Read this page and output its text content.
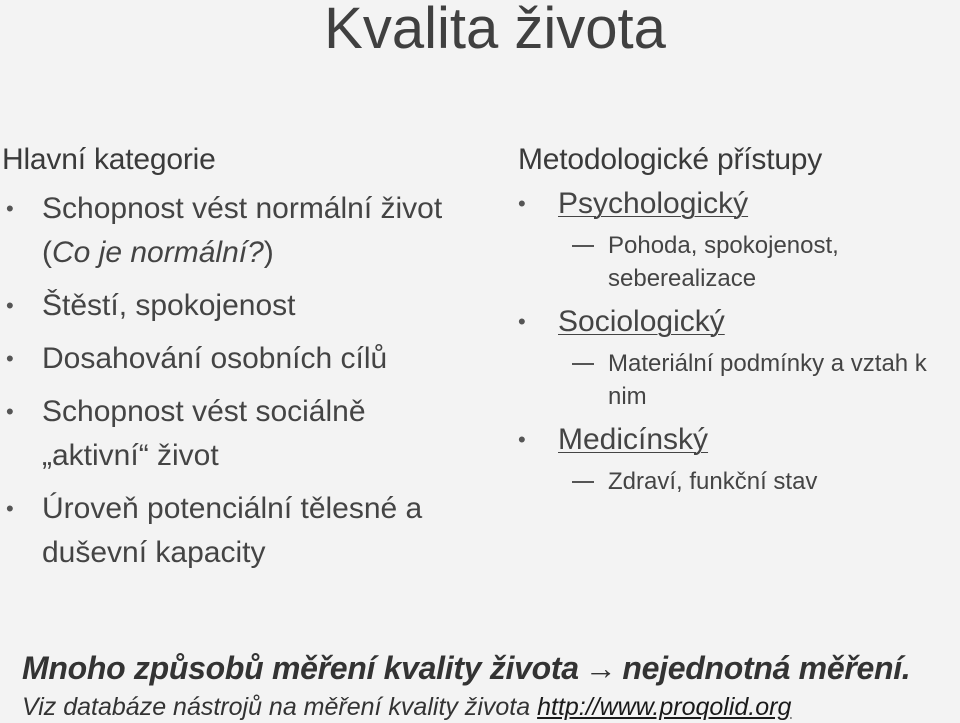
Kvalita života

Hlavní kategorie

• Schopnost vést normální život (Co je normální?)
• Štěstí, spokojenost
• Dosahování osobních cílů
• Schopnost vést sociálně „aktivní“ život
• Úroveň potenciální tělesné a duševní kapacity

Metodologické přístupy

• Psychologický
Pohoda, spokojenost, seberealizace
• Sociologický
Materiální podmínky a vztah k nim
• Medicínský
Zdraví, funkční stav
Mnoho způsobů měření kvality života → nejednotná měření.
Viz databáze nástrojů na měření kvality života http://www.proqolid.org
